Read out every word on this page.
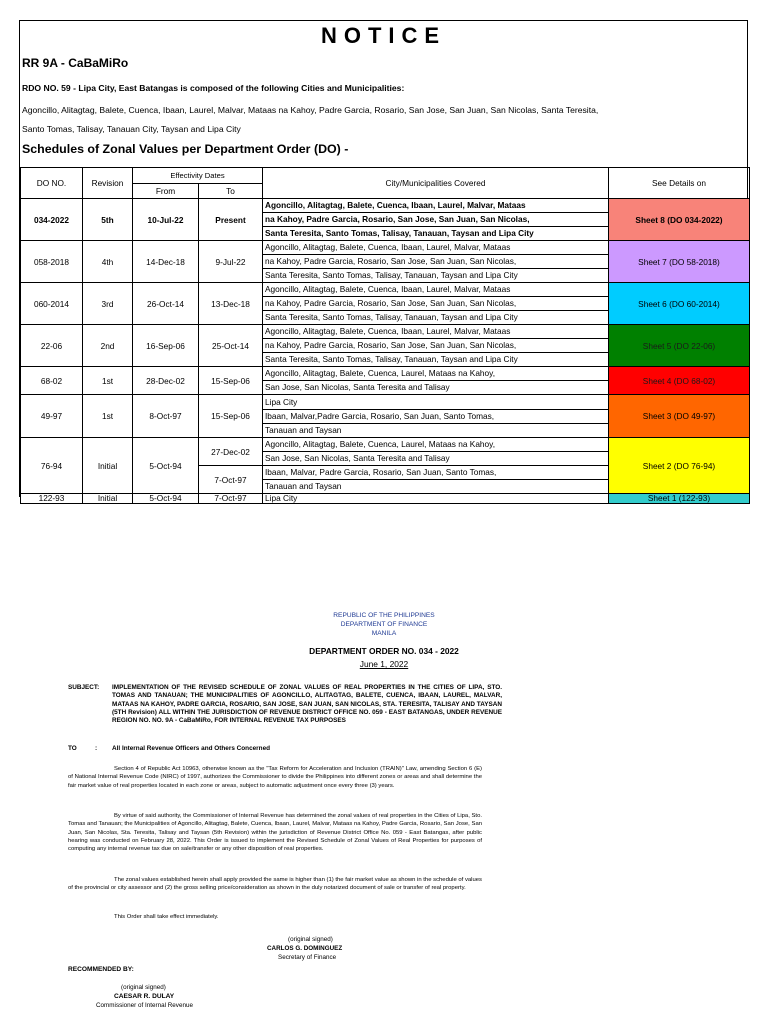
NOTICE
RR 9A - CaBaMiRo
RDO NO. 59 - Lipa City, East Batangas is composed of the following Cities and Municipalities:
Agoncillo, Alitagtag, Balete, Cuenca, Ibaan, Laurel, Malvar, Mataas na Kahoy, Padre Garcia, Rosario, San Jose, San Juan, San Nicolas, Santa Teresita,
Santo Tomas, Talisay, Tanauan City, Taysan and Lipa City
Schedules of Zonal Values per Department Order (DO) -
DO NO.	Revision	Effectivity Dates		City/Municipalities Covered	See Details on
		From	To		
034-2022	5th	10-Jul-22	Present	Agoncillo, Alitagtag, Balete, Cuenca, Ibaan, Laurel, Malvar, Mataas
na Kahoy, Padre Garcia, Rosario, San Jose, San Juan, San Nicolas,
Santa Teresita, Santo Tomas, Talisay, Tanauan, Taysan and Lipa City	Sheet 8 (DO 034-2022)
058-2018	4th	14-Dec-18	9-Jul-22	Agoncillo, Alitagtag, Balete, Cuenca, Ibaan, Laurel, Malvar, Mataas
na Kahoy, Padre Garcia, Rosario, San Jose, San Juan, San Nicolas,
Santa Teresita, Santo Tomas, Talisay, Tanauan, Taysan and Lipa City	Sheet 7 (DO 58-2018)
060-2014	3rd	26-Oct-14	13-Dec-18	Agoncillo, Alitagtag, Balete, Cuenca, Ibaan, Laurel, Malvar, Mataas
na Kahoy, Padre Garcia, Rosario, San Jose, San Juan, San Nicolas,
Santa Teresita, Santo Tomas, Talisay, Tanauan, Taysan and Lipa City	Sheet 6 (DO 60-2014)
22-06	2nd	16-Sep-06	25-Oct-14	Agoncillo, Alitagtag, Balete, Cuenca, Ibaan, Laurel, Malvar, Mataas
na Kahoy, Padre Garcia, Rosario, San Jose, San Juan, San Nicolas,
Santa Teresita, Santo Tomas, Talisay, Tanauan, Taysan and Lipa City	Sheet 5 (DO 22-06)
68-02	1st	28-Dec-02	15-Sep-06	Agoncillo, Alitagtag, Balete, Cuenca, Laurel, Mataas na Kahoy,
San Jose, San Nicolas, Santa Teresita and Talisay	Sheet 4 (DO 68-02)
49-97	1st	8-Oct-97	15-Sep-06	Lipa City
Ibaan, Malvar,Padre Garcia, Rosario, San Juan, Santo Tomas,
Tanauan and Taysan	Sheet 3 (DO 49-97)
76-94	Initial	5-Oct-94	27-Dec-02	Agoncillo, Alitagtag, Balete, Cuenca, Laurel, Mataas na Kahoy,
San Jose, San Nicolas, Santa Teresita and Talisay	Sheet 2 (DO 76-94)
			7-Oct-97	Ibaan, Malvar, Padre Garcia, Rosario, San Juan, Santo Tomas,
Tanauan and Taysan	

122-93	Initial	5-Oct-94	7-Oct-97	Lipa City	Sheet 1 (122-93)
REPUBLIC OF THE PHILIPPINES
DEPARTMENT OF FINANCE
MANILA
DEPARTMENT ORDER NO. 034 - 2022
June 1, 2022
SUBJECT: IMPLEMENTATION OF THE REVISED SCHEDULE OF ZONAL VALUES OF REAL PROPERTIES IN THE CITIES OF LIPA, STO. TOMAS AND TANAUAN; THE MUNICIPALITIES OF AGONCILLO, ALITAGTAG, BALETE, CUENCA, IBAAN, LAUREL, MALVAR, MATAAS NA KAHOY, PADRE GARCIA, ROSARIO, SAN JOSE, SAN JUAN, SAN NICOLAS, STA. TERESITA, TALISAY AND TAYSAN (5TH Revision) ALL WITHIN THE JURISDICTION OF REVENUE DISTRICT OFFICE NO. 059 - EAST BATANGAS, UNDER REVENUE REGION NO. NO. 9A - CaBaMiRo, FOR INTERNAL REVENUE TAX PURPOSES
TO	: All Internal Revenue Officers and Others Concerned
Section 4 of Republic Act 10963, otherwise known as the "Tax Reform for Acceleration and Inclusion (TRAIN)" Law, amending Section 6 (E) of National Internal Revenue Code (NIRC) of 1997, authorizes the Commissioner to divide the Philippines into different zones or areas and shall determine the fair market value of real properties located in each zone or areas, subject to automatic adjustment once every three (3) years.
By virtue of said authority, the Commissioner of Internal Revenue has determined the zonal values of real properties in the Cities of Lipa, Sto. Tomas and Tanauan; the Municipalities of Agoncillo, Alitagtag, Balete, Cuenca, Ibaan, Laurel, Malvar, Mataas na Kahoy, Padre Garcia, Rosario, San Jose, San Juan, San Nicolas, Sta. Teresita, Talisay and Taysan (5th Revision) within the jurisdiction of Revenue District Office No. 059 - East Batangas, after public hearing was conducted on February 28, 2022. This Order is issued to implement the Revised Schedule of Zonal Values of Real Properties for purposes of computing any internal revenue tax due on sale/transfer or any other disposition of real properties.
The zonal values established herein shall apply provided the same is higher than (1) the fair market value as shown in the schedule of values of the provincial or city assessor and (2) the gross selling price/consideration as shown in the duly notarized document of sale or transfer of real property.
This Order shall take effect immediately.
(original signed)
CARLOS G. DOMINGUEZ
Secretary of Finance
RECOMMENDED BY:
(original signed)
CAESAR R. DULAY
Commissioner of Internal Revenue
